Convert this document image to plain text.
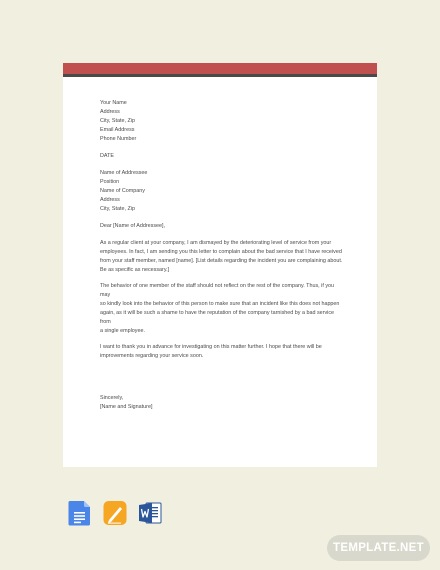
Your Name
Address
City, State, Zip
Email Address
Phone Number
DATE
Name of Addressee
Position
Name of Company
Address
City, State, Zip
Dear [Name of Addressee],
As a regular client at your company, I am dismayed by the deteriorating level of service from your
employees. In fact, I am sending you this letter to complain about the bad service that I have received
from your staff member, named [name]. [List details regarding the incident you are complaining about.
Be as specific as necessary.]
The behavior of one member of the staff should not reflect on the rest of the company. Thus, if you may
so kindly look into the behavior of this person to make sure that an incident like this does not happen
again, as it will be such a shame to have the reputation of the company tarnished by a bad service from
a single employee.
I want to thank you in advance for investigating on this matter further. I hope that there will be
improvements regarding your service soon.
Sincerely,
[Name and Signature]
TEMPLATE.NET
